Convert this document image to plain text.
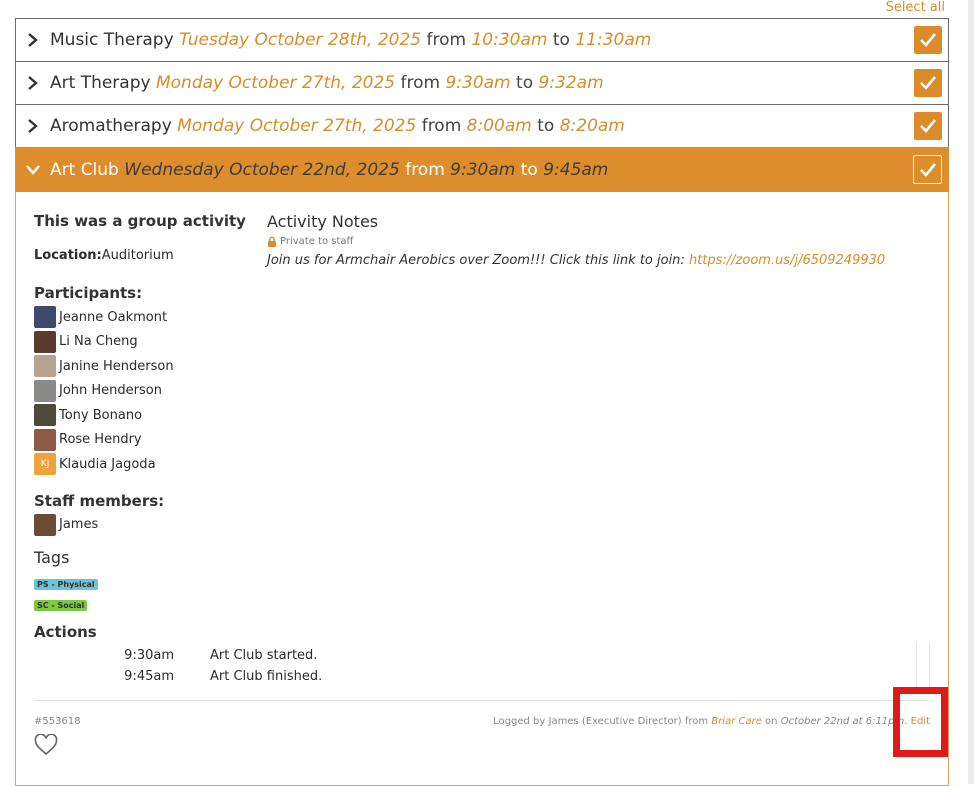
Select all
Music Therapy Tuesday October 28th, 2025 from 10:30am to 11:30am
Art Therapy Monday October 27th, 2025 from 9:30am to 9:32am
Aromatherapy Monday October 27th, 2025 from 8:00am to 8:20am
Art Club Wednesday October 22nd, 2025 from 9:30am to 9:45am
This was a group activity
Location:Auditorium
Participants:
Jeanne Oakmont
Li Na Cheng
Janine Henderson
John Henderson
Tony Bonano
Rose Hendry
KJ Klaudia Jagoda
Staff members:
James
Tags
PS - Physical
SC - Social
Activity Notes
Private to staff
Join us for Armchair Aerobics over Zoom!!! Click this link to join: https://zoom.us/j/6509249930
Actions
9:30am	Art Club started.
9:45am	Art Club finished.
#553618	Logged by James (Executive Director) from Briar Care on October 22nd at 6:11pm. Edit
